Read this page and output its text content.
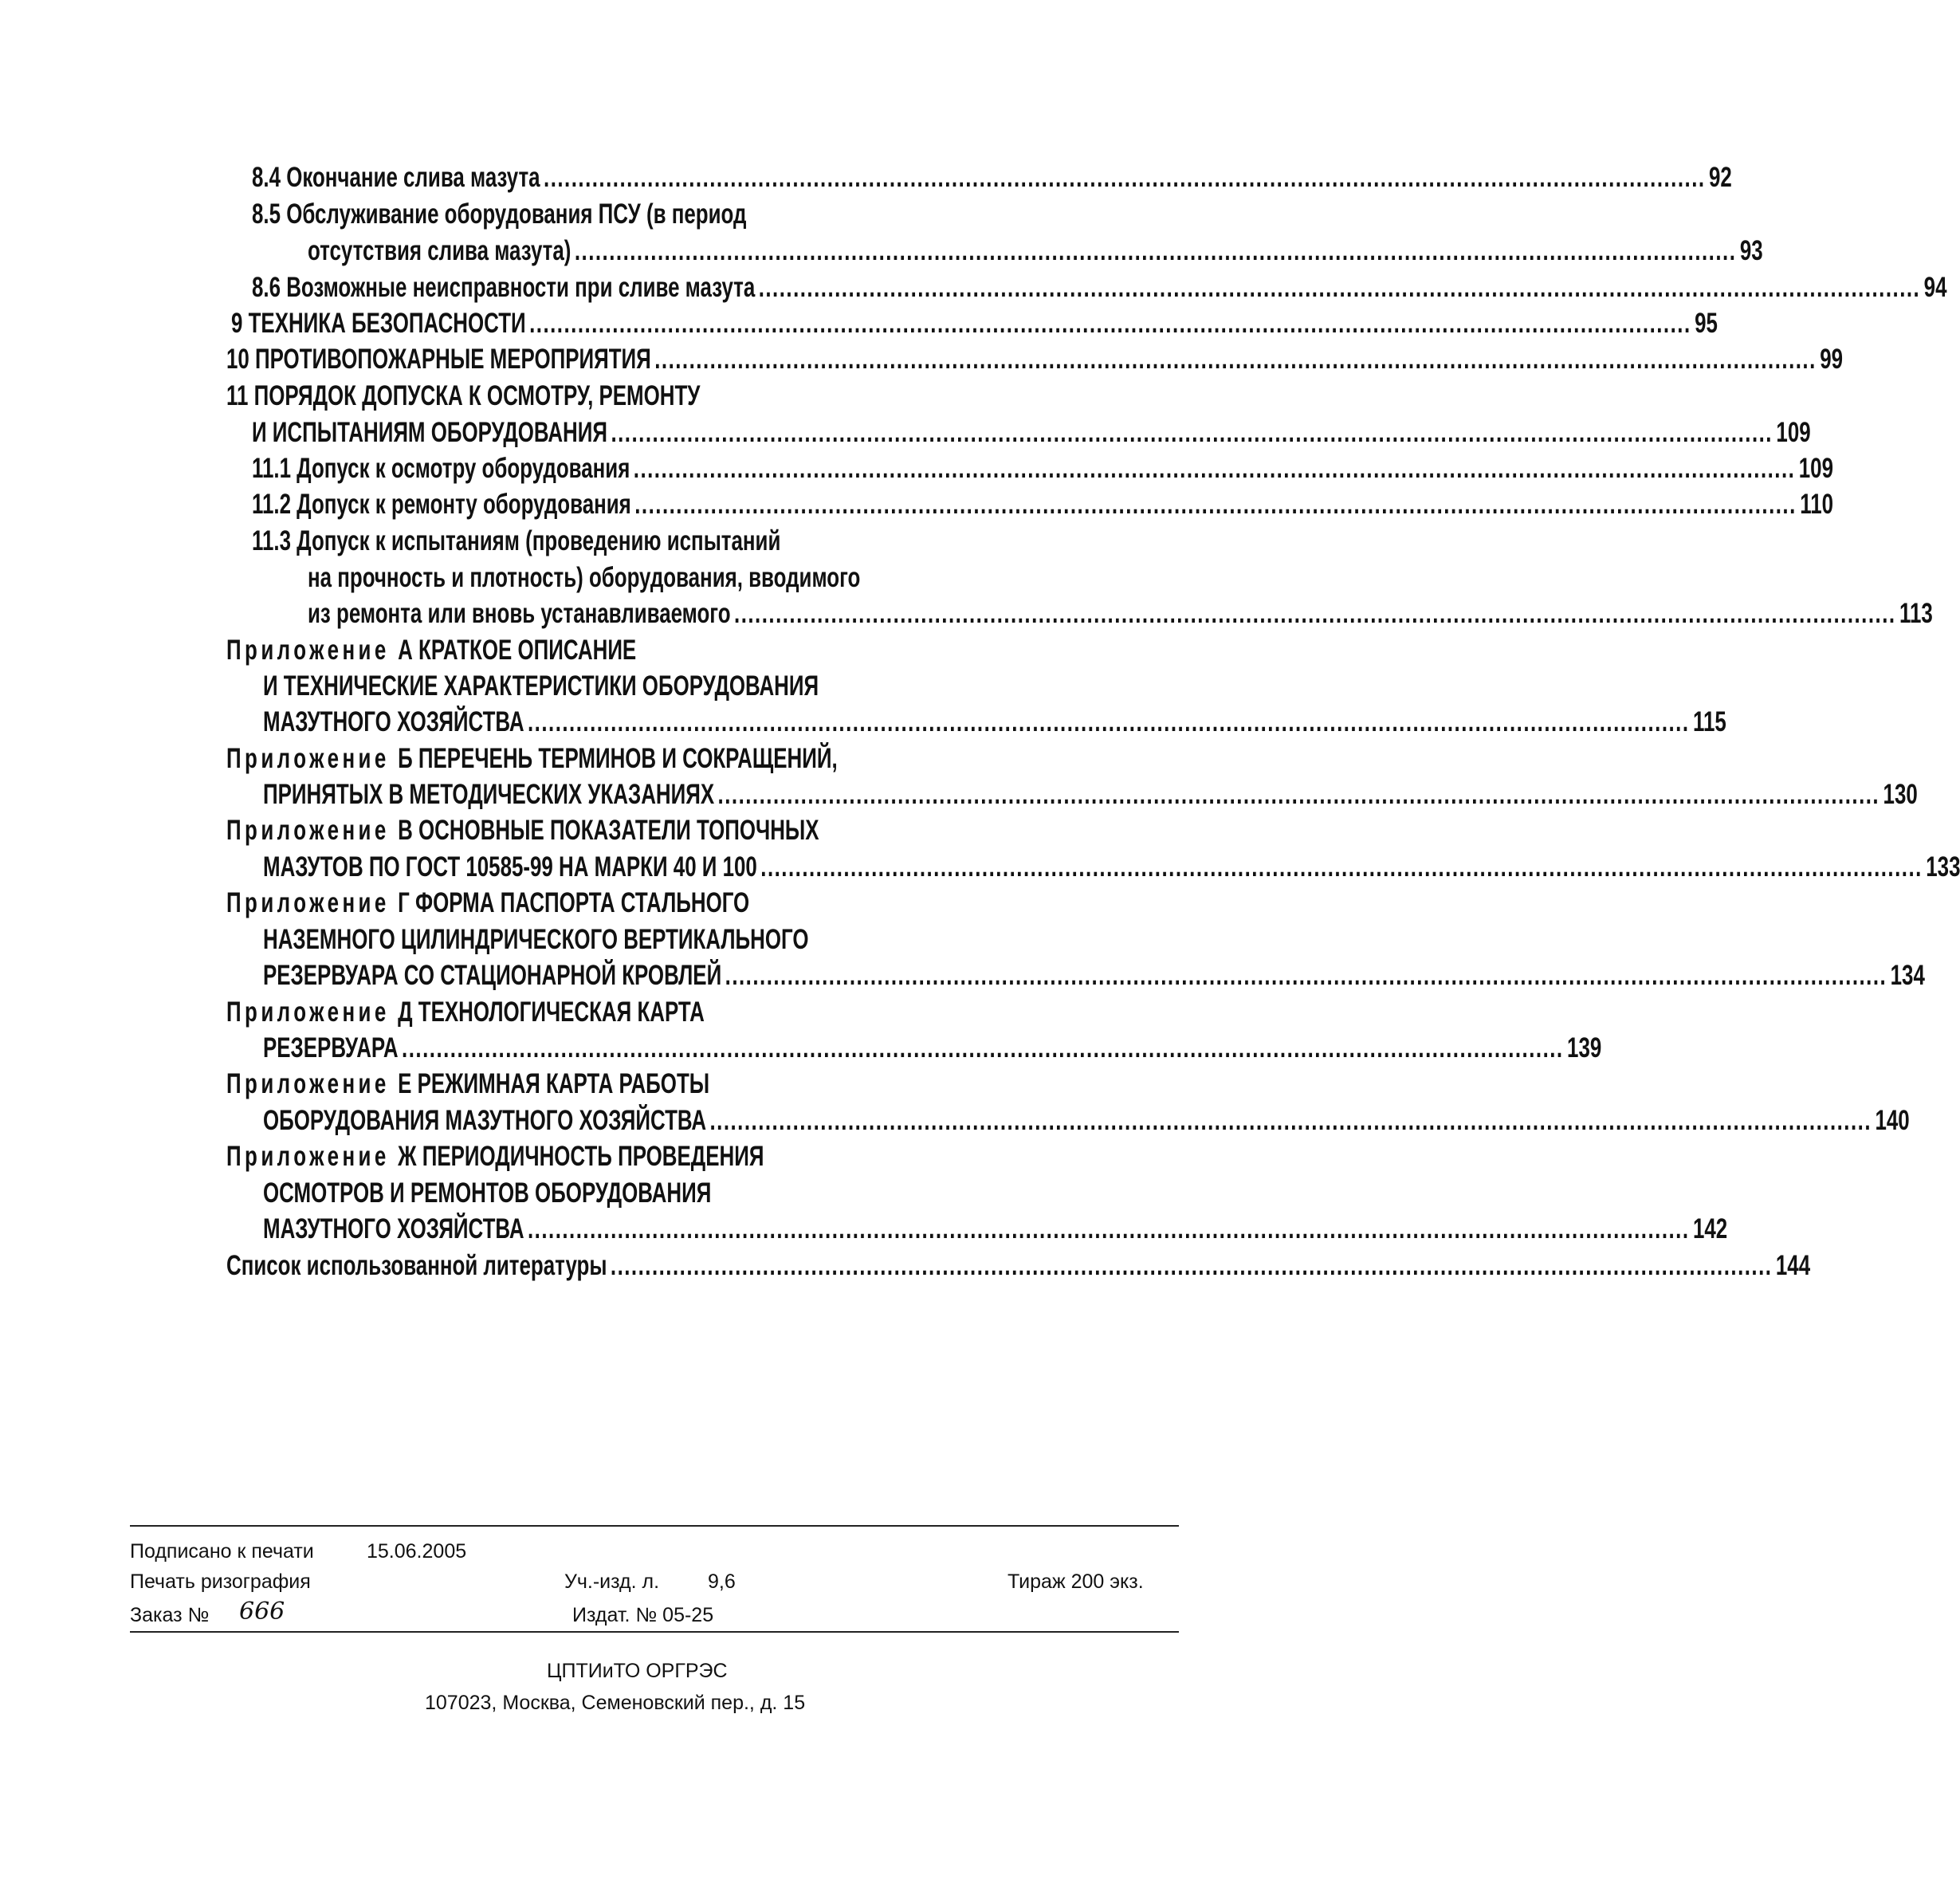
8.4 Окончание слива мазута ........................................................................................................................................................................ 92
8.5 Обслуживание оборудования ПСУ (в период
отсутствия слива мазута) ........................................................................................................................................................................ 93
8.6 Возможные неисправности при сливе мазута ........................................................................................................................................................................ 94
9 ТЕХНИКА БЕЗОПАСНОСТИ ........................................................................................................................................................................ 95
10 ПРОТИВОПОЖАРНЫЕ МЕРОПРИЯТИЯ ........................................................................................................................................................................ 99
11 ПОРЯДОК ДОПУСКА К ОСМОТРУ, РЕМОНТУ
И ИСПЫТАНИЯМ ОБОРУДОВАНИЯ ........................................................................................................................................................................ 109
11.1 Допуск к осмотру оборудования ........................................................................................................................................................................ 109
11.2 Допуск к ремонту оборудования ........................................................................................................................................................................ 110
11.3 Допуск к испытаниям (проведению испытаний
на прочность и плотность) оборудования, вводимого
из ремонта или вновь устанавливаемого ........................................................................................................................................................................ 113
Приложение А КРАТКОЕ ОПИСАНИЕ
И ТЕХНИЧЕСКИЕ ХАРАКТЕРИСТИКИ ОБОРУДОВАНИЯ
МАЗУТНОГО ХОЗЯЙСТВА ........................................................................................................................................................................ 115
Приложение Б ПЕРЕЧЕНЬ ТЕРМИНОВ И СОКРАЩЕНИЙ,
ПРИНЯТЫХ В МЕТОДИЧЕСКИХ УКАЗАНИЯХ ........................................................................................................................................................................ 130
Приложение В ОСНОВНЫЕ ПОКАЗАТЕЛИ ТОПОЧНЫХ
МАЗУТОВ ПО ГОСТ 10585-99 НА МАРКИ 40 И 100 ........................................................................................................................................................................ 133
Приложение Г ФОРМА ПАСПОРТА СТАЛЬНОГО
НАЗЕМНОГО ЦИЛИНДРИЧЕСКОГО ВЕРТИКАЛЬНОГО
РЕЗЕРВУАРА СО СТАЦИОНАРНОЙ КРОВЛЕЙ ........................................................................................................................................................................ 134
Приложение Д ТЕХНОЛОГИЧЕСКАЯ КАРТА
РЕЗЕРВУАРА ........................................................................................................................................................................ 139
Приложение Е РЕЖИМНАЯ КАРТА РАБОТЫ
ОБОРУДОВАНИЯ МАЗУТНОГО ХОЗЯЙСТВА ........................................................................................................................................................................ 140
Приложение Ж ПЕРИОДИЧНОСТЬ ПРОВЕДЕНИЯ
ОСМОТРОВ И РЕМОНТОВ ОБОРУДОВАНИЯ
МАЗУТНОГО ХОЗЯЙСТВА ........................................................................................................................................................................ 142
Список использованной литературы ........................................................................................................................................................................ 144
Подписано к печати	15.06.2005
Печать ризография	Уч.-изд. л. 9,6	Тираж 200 экз.
Заказ № 666	Издат. № 05-25
ЦПТИиТО ОРГРЭС
107023, Москва, Семеновский пер., д. 15
